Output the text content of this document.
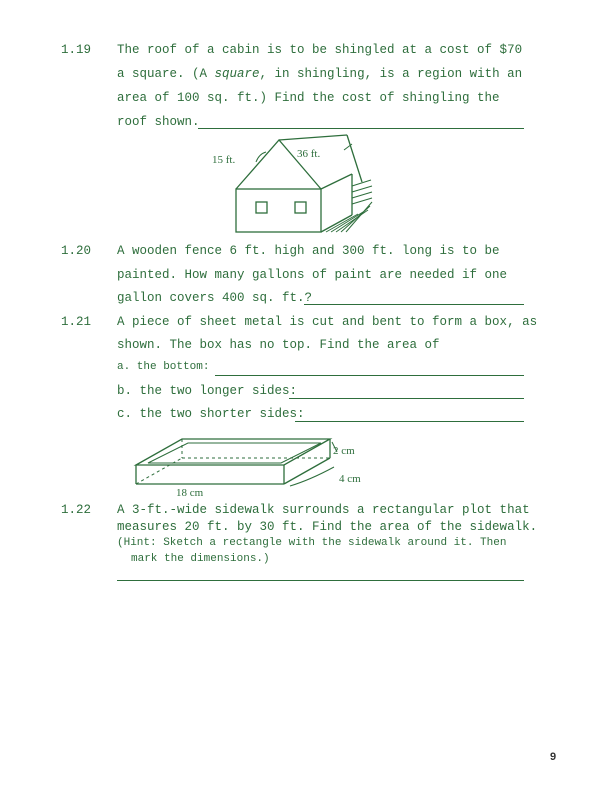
1.19 The roof of a cabin is to be shingled at a cost of $70
a square. (A square, in shingling, is a region with an
area of 100 sq. ft.) Find the cost of shingling the
roof shown.
15 ft.	36 ft.
1.20 A wooden fence 6 ft. high and 300 ft. long is to be
painted. How many gallons of paint are needed if one
gallon covers 400 sq. ft.?
1.21 A piece of sheet metal is cut and bent to form a box, as
shown. The box has no top. Find the area of
a. the bottom:
b. the two longer sides:
c. the two shorter sides:
2 cm
4 cm
18 cm
1.22 A 3-ft.-wide sidewalk surrounds a rectangular plot that
measures 20 ft. by 30 ft. Find the area of the sidewalk.
(Hint: Sketch a rectangle with the sidewalk around it. Then
mark the dimensions.)
9
